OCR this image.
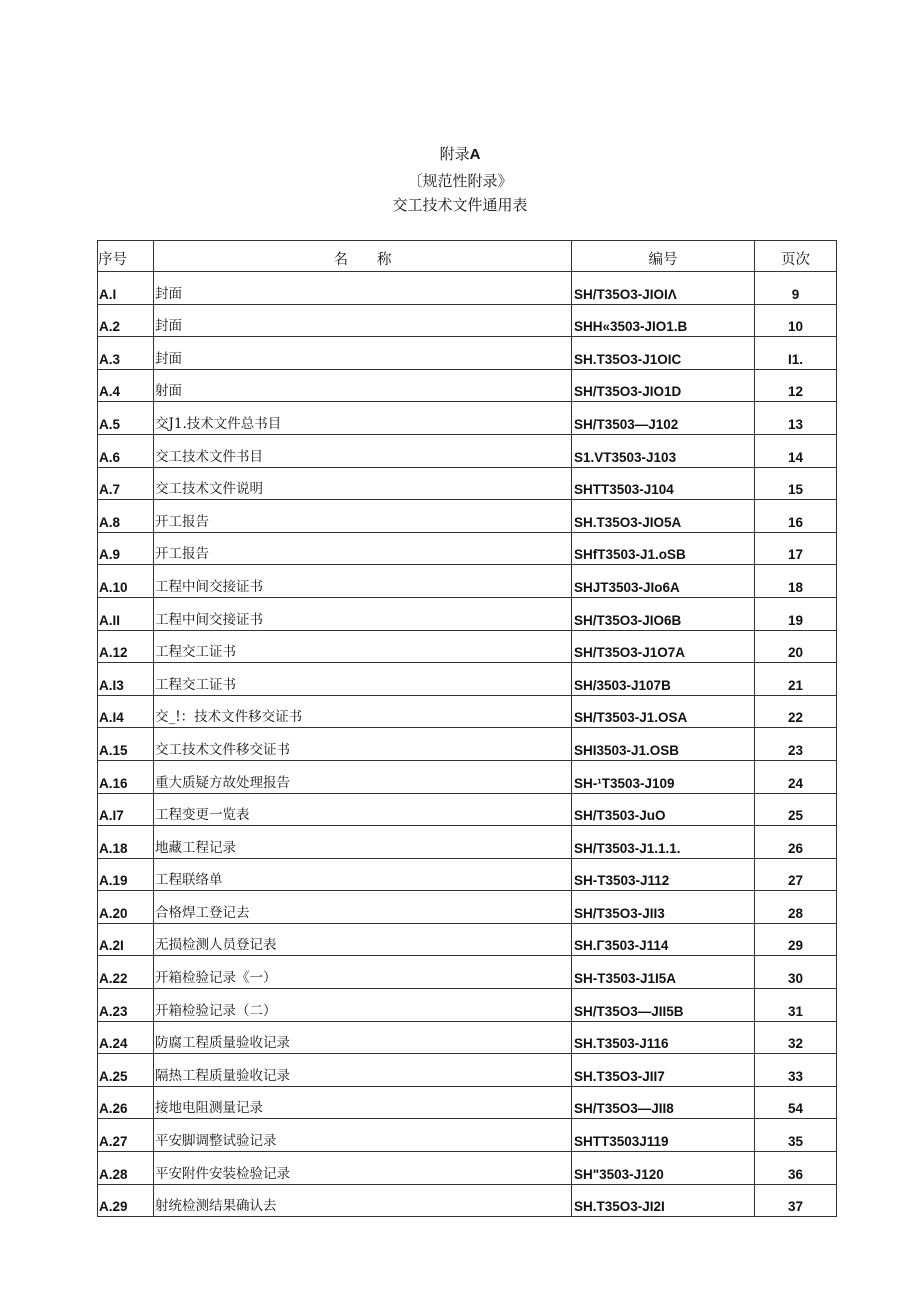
附录A
〔规范性附录》
交工技术文件通用表
序号	名　　称	编号	页次
A.I	封面	SH/T35O3-JIOIΛ	9
A.2	封面	SHH«3503-JIO1.B	10
A.3	封面	SH.T35O3-J1OIC	I1.
A.4	射面	SH/T35O3-JIO1D	12
A.5	交J1.技术文件总书目	SH/T3503—J102	13
A.6	交工技术文件书目	S1.VT3503-J103	14
A.7	交工技术文件说明	SHTT3503-J104	15
A.8	开工报告	SH.T35O3-JIO5A	16
A.9	开工报告	SHfT3503-J1.oSB	17
A.10	工程中间交接证书	SHJT3503-JIo6A	18
A.II	工程中间交接证书	SH/T35O3-JIO6B	19
A.12	工程交工证书	SH/T35O3-J1O7A	20
A.I3	工程交工证书	SH/3503-J107B	21
A.I4	交_!：技术文件移交证书	SH/T3503-J1.OSA	22
A.15	交工技术文件移交证书	SHI3503-J1.OSB	23
A.16	重大质疑方故处理报告	SH-¹T3503-J109	24
A.I7	工程变更一览表	SH/T3503-JuO	25
A.18	地藏工程记录	SH/T3503-J1.1.1.	26
A.19	工程联络单	SH-T3503-J112	27
A.20	合格焊工登记去	SH/T35O3-JII3	28
A.2I	无损检测人员登记表	SH.Γ3503-J114	29
A.22	开箱检验记录《一）	SH-T3503-J1I5A	30
A.23	开箱检验记录（二）	SH/T35O3—JII5B	31
A.24	防腐工程质量验收记录	SH.T3503-J116	32
A.25	隔热工程质量验收记录	SH.T35O3-JII7	33
A.26	接地电阻测量记录	SH/T35O3—JII8	54
A.27	平安脚调整试验记录	SHTT3503J119	35
A.28	平安附件安装检验记录	SH"3503-J120	36
A.29	射统检测结果确认去	SH.T35O3-JI2I	37
